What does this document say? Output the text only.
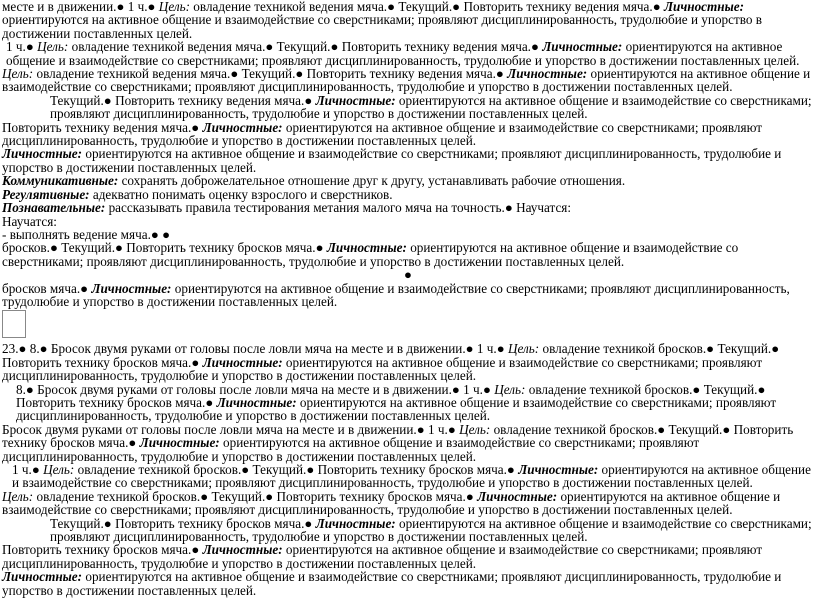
месте и в движении.● 1 ч.● Цель: овладение техникой ведения мяча.● Текущий.● Повторить технику ведения мяча.● Личностные: ориентируются на активное общение и взаимодействие со сверстниками; проявляют дисциплинированность, трудолюбие и упорство в достижении поставленных целей.

1 ч.● Цель: овладение техникой ведения мяча.● Текущий.● Повторить технику ведения мяча.● Личностные: ориентируются на активное общение и взаимодействие со сверстниками; проявляют дисциплинированность, трудолюбие и упорство в достижении поставленных целей.

Цель: овладение техникой ведения мяча.● Текущий.● Повторить технику ведения мяча.● Личностные: ориентируются на активное общение и взаимодействие со сверстниками; проявляют дисциплинированность, трудолюбие и упорство в достижении поставленных целей.

Текущий.● Повторить технику ведения мяча.● Личностные: ориентируются на активное общение и взаимодействие со сверстниками; проявляют дисциплинированность, трудолюбие и упорство в достижении поставленных целей.

Повторить технику ведения мяча.● Личностные: ориентируются на активное общение и взаимодействие со сверстниками; проявляют дисциплинированность, трудолюбие и упорство в достижении поставленных целей.

Личностные: ориентируются на активное общение и взаимодействие со сверстниками; проявляют дисциплинированность, трудолюбие и упорство в достижении поставленных целей.

Коммуникативные: сохранять доброжелательное отношение друг к другу, устанавливать рабочие отношения.

Регулятивные: адекватно понимать оценку взрослого и сверстников.

Познавательные: рассказывать правила тестирования метания малого мяча на точность.● Научатся:

Научатся:

- выполнять ведение мяча.● ●

бросков.● Текущий.● Повторить технику бросков мяча.● Личностные: ориентируются на активное общение и взаимодействие со сверстниками; проявляют дисциплинированность, трудолюбие и упорство в достижении поставленных целей.

●

бросков мяча.● Личностные: ориентируются на активное общение и взаимодействие со сверстниками; проявляют дисциплинированность, трудолюбие и упорство в достижении поставленных целей.

23.● 8.● Бросок двумя руками от головы после ловли мяча на месте и в движении.● 1 ч.● Цель: овладение техникой бросков.● Текущий.● Повторить технику бросков мяча.● Личностные: ориентируются на активное общение и взаимодействие со сверстниками; проявляют дисциплинированность, трудолюбие и упорство в достижении поставленных целей.

8.● Бросок двумя руками от головы после ловли мяча на месте и в движении.● 1 ч.● Цель: овладение техникой бросков.● Текущий.● Повторить технику бросков мяча.● Личностные: ориентируются на активное общение и взаимодействие со сверстниками; проявляют дисциплинированность, трудолюбие и упорство в достижении поставленных целей.

Бросок двумя руками от головы после ловли мяча на месте и в движении.● 1 ч.● Цель: овладение техникой бросков.● Текущий.● Повторить технику бросков мяча.● Личностные: ориентируются на активное общение и взаимодействие со сверстниками; проявляют дисциплинированность, трудолюбие и упорство в достижении поставленных целей.

1 ч.● Цель: овладение техникой бросков.● Текущий.● Повторить технику бросков мяча.● Личностные: ориентируются на активное общение и взаимодействие со сверстниками; проявляют дисциплинированность, трудолюбие и упорство в достижении поставленных целей.

Цель: овладение техникой бросков.● Текущий.● Повторить технику бросков мяча.● Личностные: ориентируются на активное общение и взаимодействие со сверстниками; проявляют дисциплинированность, трудолюбие и упорство в достижении поставленных целей.

Текущий.● Повторить технику бросков мяча.● Личностные: ориентируются на активное общение и взаимодействие со сверстниками; проявляют дисциплинированность, трудолюбие и упорство в достижении поставленных целей.

Повторить технику бросков мяча.● Личностные: ориентируются на активное общение и взаимодействие со сверстниками; проявляют дисциплинированность, трудолюбие и упорство в достижении поставленных целей.

Личностные: ориентируются на активное общение и взаимодействие со сверстниками; проявляют дисциплинированность, трудолюбие и упорство в достижении поставленных целей.
